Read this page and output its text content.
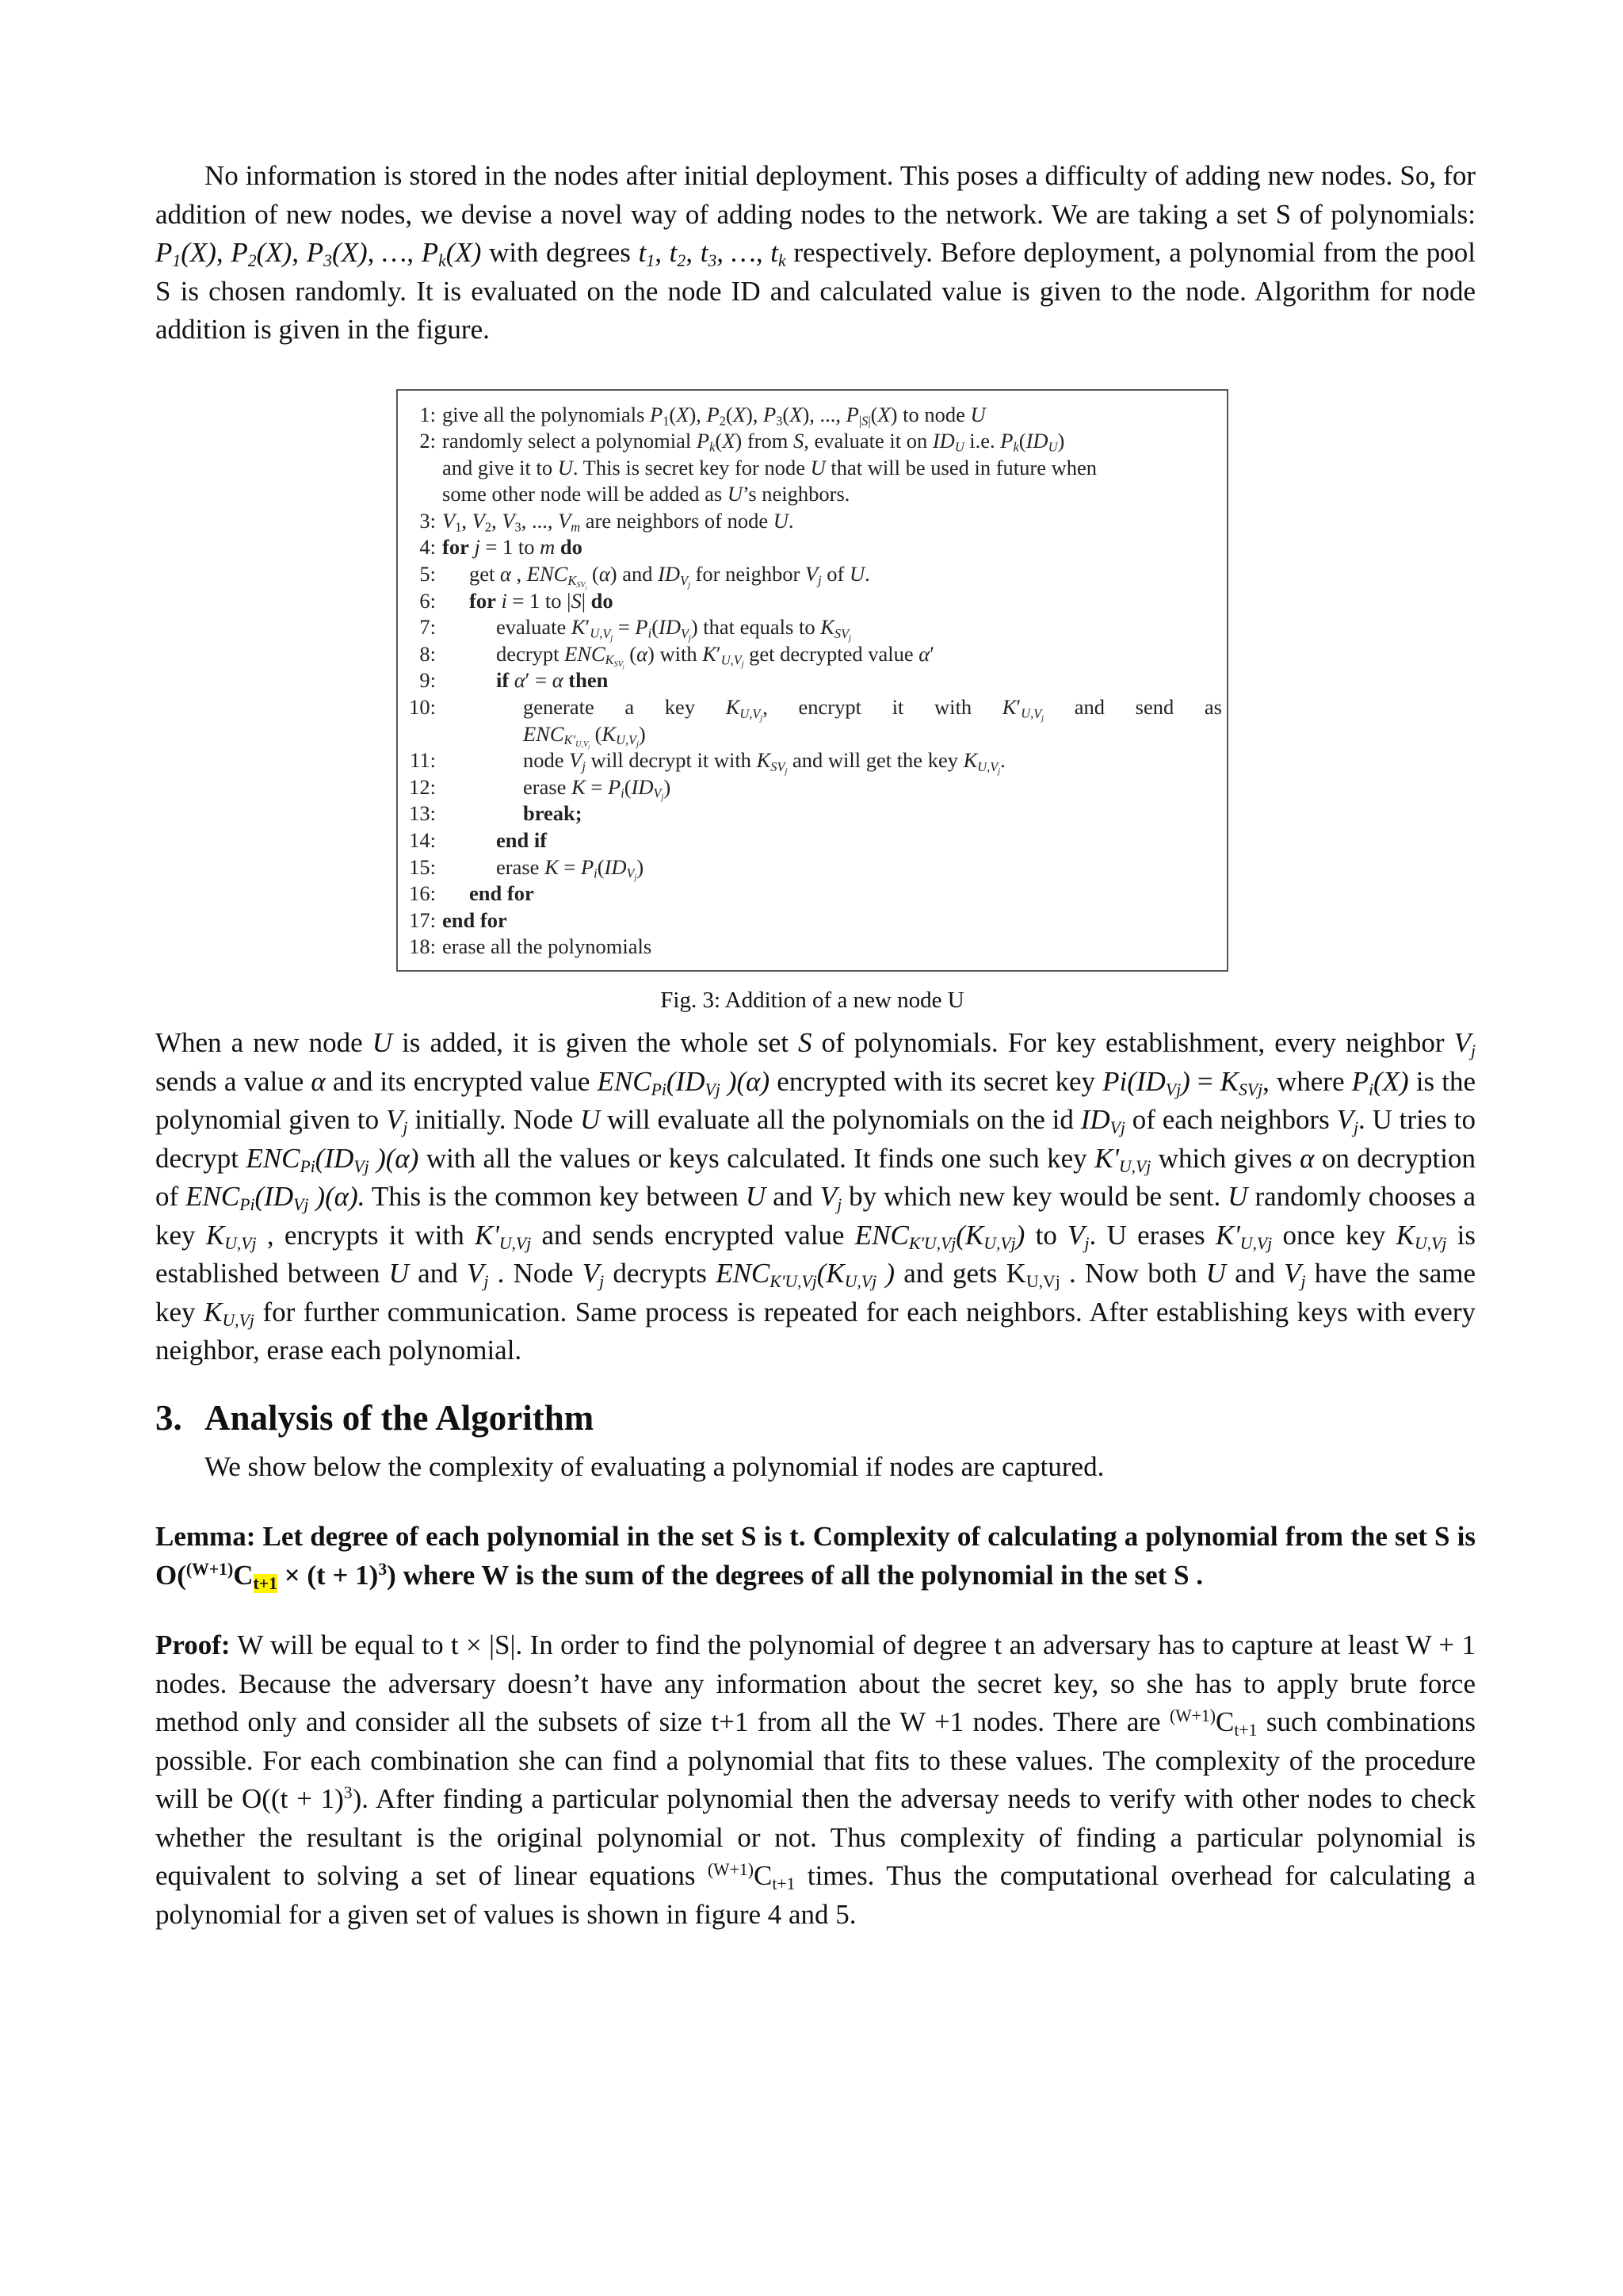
No information is stored in the nodes after initial deployment. This poses a difficulty of adding new nodes. So, for addition of new nodes, we devise a novel way of adding nodes to the network. We are taking a set S of polynomials: $P_1(X)$, $P_2(X)$, $P_3(X)$, …, $P_k(X)$ with degrees $t_1$, $t_2$, $t_3$, …, $t_k$ respectively. Before deployment, a polynomial from the pool S is chosen randomly. It is evaluated on the node ID and calculated value is given to the node. Algorithm for node addition is given in the figure.

1: give all the polynomials $P_1(X)$, $P_2(X)$, $P_3(X)$, ..., $P_{|S|}(X)$ to node U
2: randomly select a polynomial $P_k(X)$ from S, evaluate it on $ID_U$ i.e. $P_k(ID_U)$
and give it to U. This is secret key for node U that will be used in future when
some other node will be added as U’s neighbors.
3: $V_1$, $V_2$, $V_3$, ..., $V_m$ are neighbors of node U.
4: for j = 1 to m do
5:	get α , $ENC_{K_{SV_j}}$ (α) and $ID_{V_j}$ for neighbor $V_j$ of U.
6:	for i = 1 to |S| do
7:	evaluate $K'_{U,V_j} = P_i(ID_{V_j})$ that equals to $K_{SV_j}$
8:	decrypt $ENC_{K_{SV_j}}$ (α) with $K'_{U,V_j}$ get decrypted value α′
9:	if α′ = α then
10:	generate a key $K_{U,V_j}$, encrypt it with $K'_{U,V_j}$ and send as
$ENC_{K'_{U,V_j}}$ $(K_{U,V_j})$
11:	node $V_j$ will decrypt it with $K_{SV_j}$ and will get the key $K_{U,V_j}$.
12:	erase $K = P_i(ID_{V_j})$
13:	break;
14:	end if
15:	erase $K = P_i(ID_{V_j})$
16:	end for
17: end for
18: erase all the polynomials
Fig. 3: Addition of a new node U

When a new node U is added, it is given the whole set S of polynomials. For key establishment, every neighbor $V_j$ sends a value α and its encrypted value $ENC_{Pi}(ID_{Vj}$ )(α) encrypted with its secret key $Pi(ID_{Vj}) = K_{SVj}$, where $P_i(X)$ is the polynomial given to $V_j$ initially. Node U will evaluate all the polynomials on the id $ID_{Vj}$ of each neighbors $V_j$. U tries to decrypt $ENC_{Pi}(ID_{Vj}$ )(α) with all the values or keys calculated. It finds one such key $K'_{U,Vj}$ which gives α on decryption of $ENC_{Pi}(ID_{Vj}$ )(α). This is the common key between U and $V_j$ by which new key would be sent. U randomly chooses a key $K_{U,Vj}$ , encrypts it with $K'_{U,Vj}$ and sends encrypted value $ENC_{K'U,Vj}(K_{U,Vj})$ to $V_j$. U erases $K'_{U,Vj}$ once key $K_{U,Vj}$ is established between U and $V_j$ . Node $V_j$ decrypts $ENC_{K'U,Vj}(K_{U,Vj}$ ) and gets $K_{U,Vj}$ . Now both U and $V_j$ have the same key $K_{U,Vj}$ for further communication. Same process is repeated for each neighbors. After establishing keys with every neighbor, erase each polynomial.

3. Analysis of the Algorithm

We show below the complexity of evaluating a polynomial if nodes are captured.

Lemma: Let degree of each polynomial in the set S is t. Complexity of calculating a polynomial from the set S is $O(^{(W+1)}C_{t+1} \times (t + 1)^3)$ where W is the sum of the degrees of all the polynomial in the set S .

Proof: W will be equal to t × |S|. In order to find the polynomial of degree t an adversary has to capture at least W + 1 nodes. Because the adversary doesn’t have any information about the secret key, so she has to apply brute force method only and consider all the subsets of size t+1 from all the W +1 nodes. There are $^{(W+1)}C_{t+1}$ such combinations possible. For each combination she can find a polynomial that fits to these values. The complexity of the procedure will be $O((t + 1)^3)$. After finding a particular polynomial then the adversay needs to verify with other nodes to check whether the resultant is the original polynomial or not. Thus complexity of finding a particular polynomial is equivalent to solving a set of linear equations $^{(W+1)}C_{t+1}$ times. Thus the computational overhead for calculating a polynomial for a given set of values is shown in figure 4 and 5.
